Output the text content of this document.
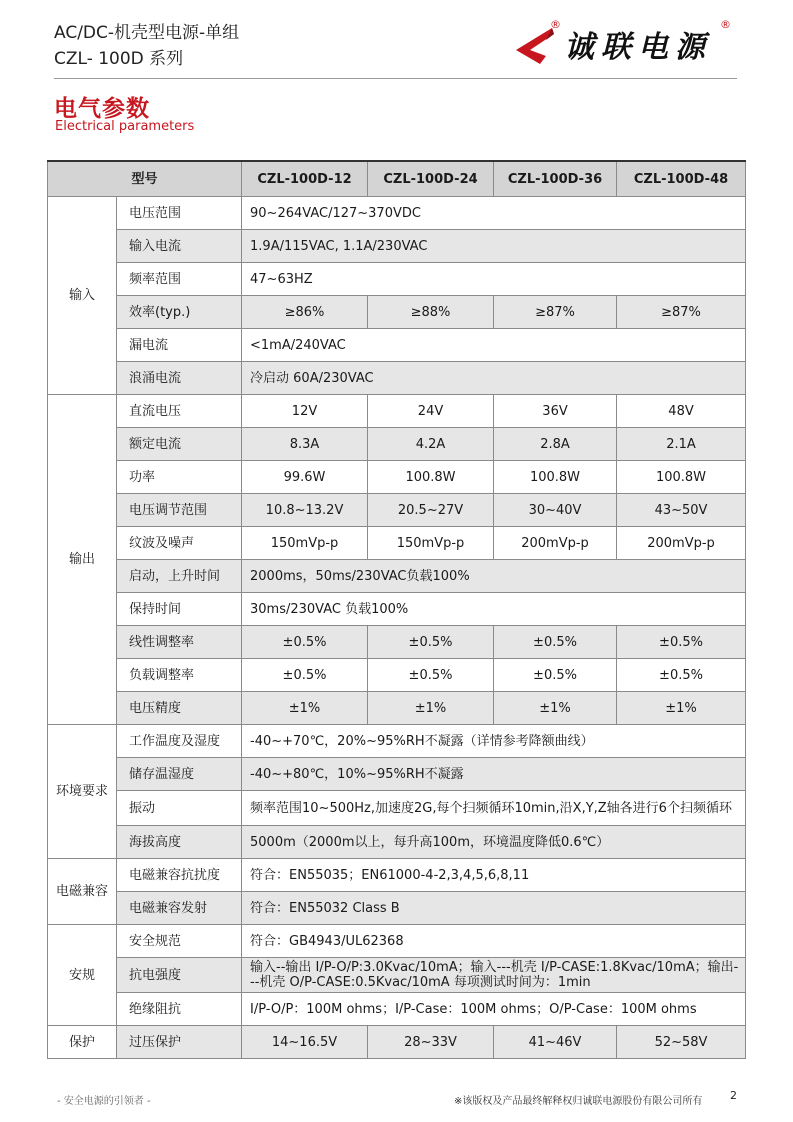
AC/DC-机壳型电源-单组
CZL- 100D 系列
®
诚联电源
®
电气参数
Electrical parameters
型号		CZL-100D-12	CZL-100D-24	CZL-100D-36	CZL-100D-48
输入	电压范围	90~264VAC/127~370VDC			
	输入电流	1.9A/115VAC, 1.1A/230VAC			
	频率范围	47~63HZ			
	效率(typ.)	≥86%	≥88%	≥87%	≥87%
	漏电流	<1mA/240VAC			
	浪涌电流	冷启动 60A/230VAC			
输出	直流电压	12V	24V	36V	48V
	额定电流	8.3A	4.2A	2.8A	2.1A
	功率	99.6W	100.8W	100.8W	100.8W
	电压调节范围	10.8~13.2V	20.5~27V	30~40V	43~50V
	纹波及噪声	150mVp-p	150mVp-p	200mVp-p	200mVp-p
	启动，上升时间	2000ms，50ms/230VAC负载100%			
	保持时间	30ms/230VAC 负载100%			
	线性调整率	±0.5%	±0.5%	±0.5%	±0.5%
	负载调整率	±0.5%	±0.5%	±0.5%	±0.5%
	电压精度	±1%	±1%	±1%	±1%
环境要求	工作温度及湿度	-40~+70℃，20%~95%RH不凝露（详情参考降额曲线）			
	储存温湿度	-40~+80℃，10%~95%RH不凝露			
	振动	频率范围10~500Hz,加速度2G,每个扫频循环10min,沿X,Y,Z轴各进行6个扫频循环			
	海拔高度	5000m（2000m以上，每升高100m，环境温度降低0.6℃）			
电磁兼容	电磁兼容抗扰度	符合：EN55035；EN61000-4-2,3,4,5,6,8,11			
	电磁兼容发射	符合：EN55032 Class B			
安规	安全规范	符合：GB4943/UL62368			
	抗电强度	输入--输出 I/P-O/P:3.0Kvac/10mA；输入---机壳 I/P-CASE:1.8Kvac/10mA；输出---机壳 O/P-CASE:0.5Kvac/10mA 每项测试时间为：1min			
	绝缘阻抗	I/P-O/P：100M ohms；I/P-Case：100M ohms；O/P-Case：100M ohms			
保护	过压保护	14~16.5V	28~33V	41~46V	52~58V
- 安全电源的引领者 -	※该版权及产品最终解释权归诚联电源股份有限公司所有	2
